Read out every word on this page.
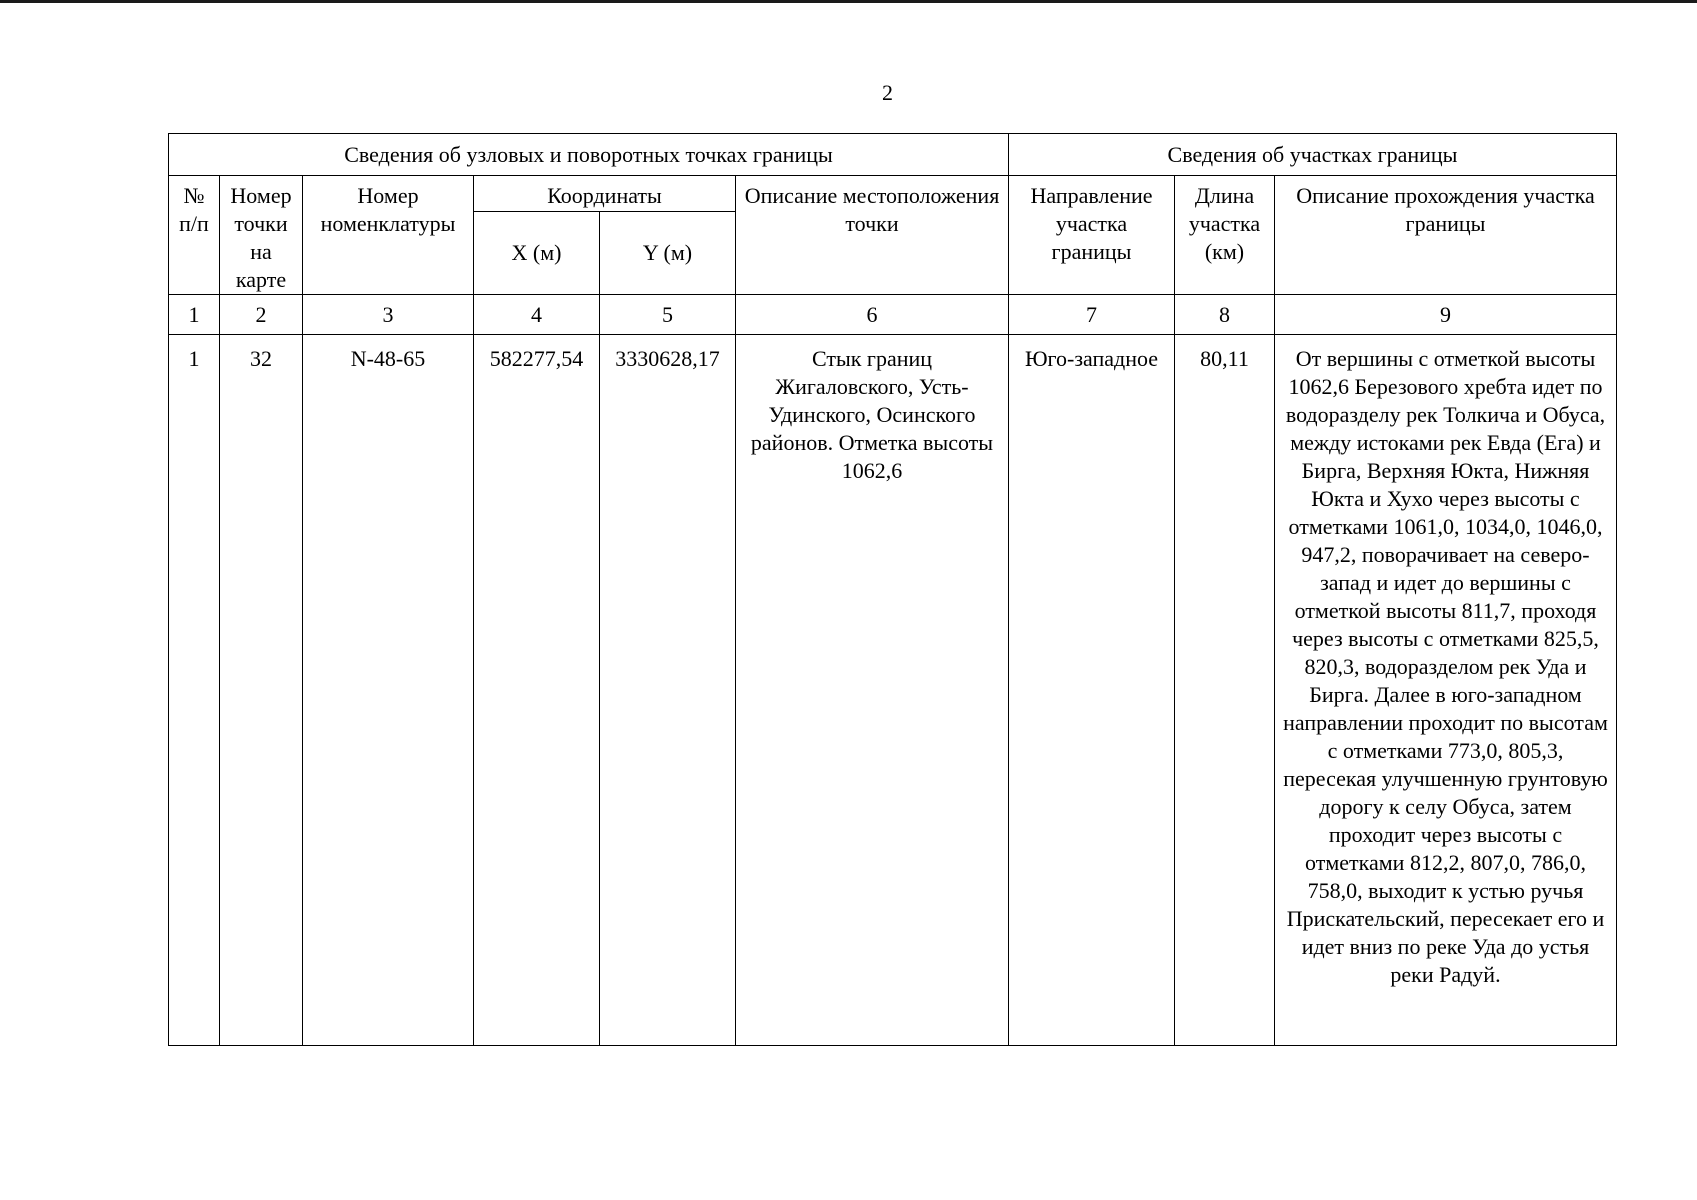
2
Сведения об узловых и поворотных точках границы						Сведения об участках границы		
№ п/п	Номер точки на карте	Номер номенклатуры	Координаты		Описание местоположения точки	Направление участка границы	Длина участка (км)	Описание прохождения участка границы
			X (м)	Y (м)				
1	2	3	4	5	6	7	8	9
1	32	N-48-65	582277,54	3330628,17	Стык границ Жигаловского, Усть-Удинского, Осинского районов. Отметка высоты 1062,6	Юго-западное	80,11	От вершины с отметкой высоты 1062,6 Березового хребта идет по водоразделу рек Толкича и Обуса, между истоками рек Евда (Ега) и Бирга, Верхняя Юкта, Нижняя Юкта и Хухо через высоты с отметками 1061,0, 1034,0, 1046,0, 947,2, поворачивает на северо-запад и идет до вершины с отметкой высоты 811,7, проходя через высоты с отметками 825,5, 820,3, водоразделом рек Уда и Бирга. Далее в юго-западном направлении проходит по высотам с отметками 773,0, 805,3, пересекая улучшенную грунтовую дорогу к селу Обуса, затем проходит через высоты с отметками 812,2, 807,0, 786,0, 758,0, выходит к устью ручья Прискательский, пересекает его и идет вниз по реке Уда до устья реки Радуй.
